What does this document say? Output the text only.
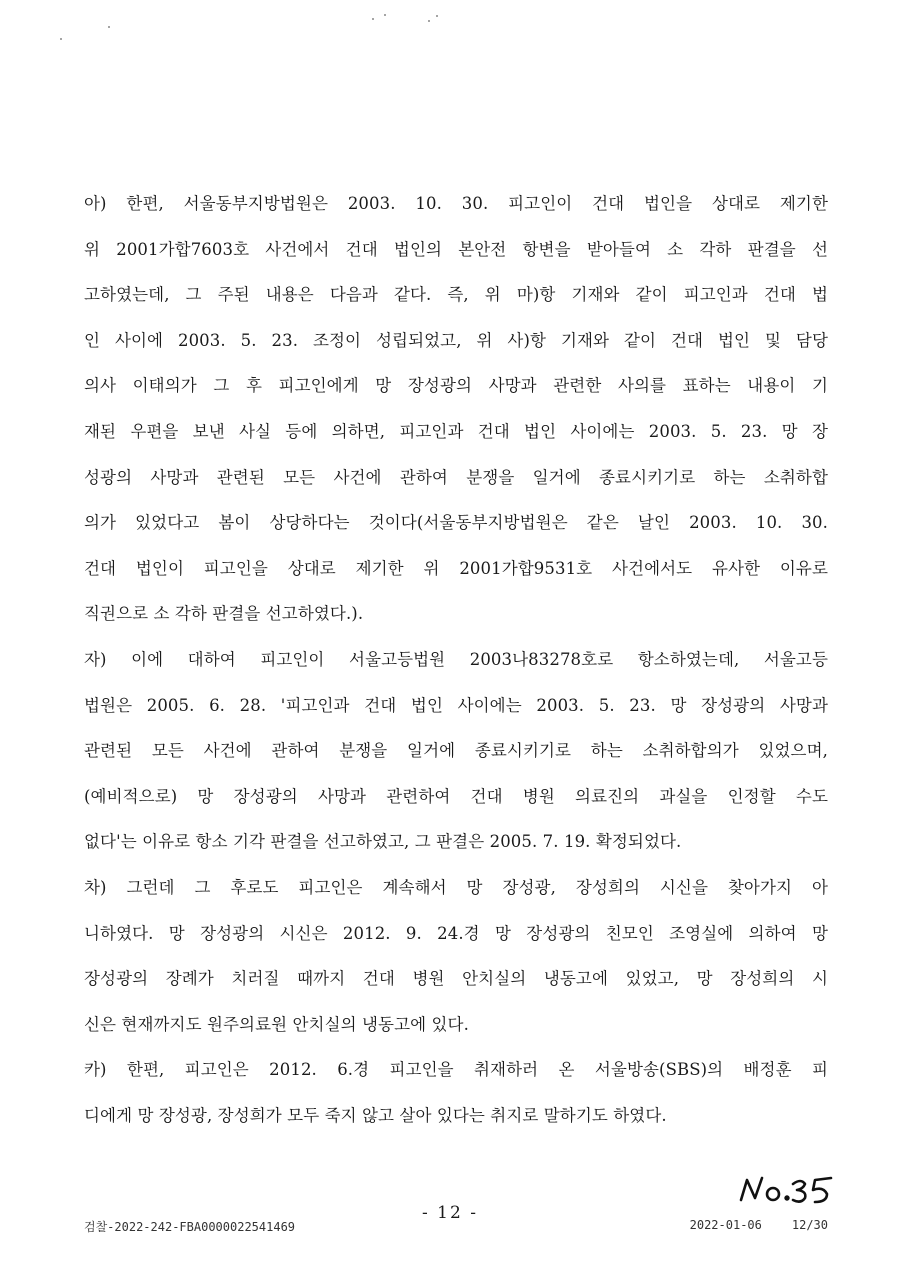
아) 한편, 서울동부지방법원은 2003. 10. 30. 피고인이 건대 법인을 상대로 제기한
위 2001가합7603호 사건에서 건대 법인의 본안전 항변을 받아들여 소 각하 판결을 선
고하였는데, 그 주된 내용은 다음과 같다. 즉, 위 마)항 기재와 같이 피고인과 건대 법
인 사이에 2003. 5. 23. 조정이 성립되었고, 위 사)항 기재와 같이 건대 법인 및 담당
의사 이태의가 그 후 피고인에게 망 장성광의 사망과 관련한 사의를 표하는 내용이 기
재된 우편을 보낸 사실 등에 의하면, 피고인과 건대 법인 사이에는 2003. 5. 23. 망 장
성광의 사망과 관련된 모든 사건에 관하여 분쟁을 일거에 종료시키기로 하는 소취하합
의가 있었다고 봄이 상당하다는 것이다(서울동부지방법원은 같은 날인 2003. 10. 30.
건대 법인이 피고인을 상대로 제기한 위 2001가합9531호 사건에서도 유사한 이유로
직권으로 소 각하 판결을 선고하였다.).
자) 이에 대하여 피고인이 서울고등법원 2003나83278호로 항소하였는데, 서울고등
법원은 2005. 6. 28. '피고인과 건대 법인 사이에는 2003. 5. 23. 망 장성광의 사망과
관련된 모든 사건에 관하여 분쟁을 일거에 종료시키기로 하는 소취하합의가 있었으며,
(예비적으로) 망 장성광의 사망과 관련하여 건대 병원 의료진의 과실을 인정할 수도
없다'는 이유로 항소 기각 판결을 선고하였고, 그 판결은 2005. 7. 19. 확정되었다.
차) 그런데 그 후로도 피고인은 계속해서 망 장성광, 장성희의 시신을 찾아가지 아
니하였다. 망 장성광의 시신은 2012. 9. 24.경 망 장성광의 친모인 조영실에 의하여 망
장성광의 장례가 치러질 때까지 건대 병원 안치실의 냉동고에 있었고, 망 장성희의 시
신은 현재까지도 원주의료원 안치실의 냉동고에 있다.
카) 한편, 피고인은 2012. 6.경 피고인을 취재하러 온 서울방송(SBS)의 배정훈 피
디에게 망 장성광, 장성희가 모두 죽지 않고 살아 있다는 취지로 말하기도 하였다.
- 12 -
검찰-2022-242-FBA0000022541469	2022-01-06	12/30
